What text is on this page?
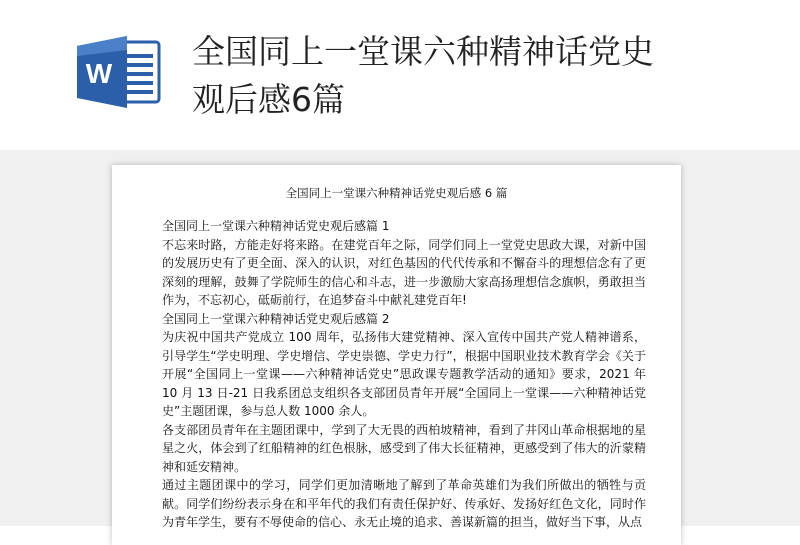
W
全国同上一堂课六种精神话党史
观后感6篇
全国同上一堂课六种精神话党史观后感 6 篇

全国同上一堂课六种精神话党史观后感篇 1

不忘来时路，方能走好将来路。在建党百年之际，同学们同上一堂党史思政大课，对新中国的发展历史有了更全面、深入的认识，对红色基因的代代传承和不懈奋斗的理想信念有了更深刻的理解，鼓舞了学院师生的信心和斗志，进一步激励大家高扬理想信念旗帜，勇敢担当作为，不忘初心，砥砺前行，在追梦奋斗中献礼建党百年!

全国同上一堂课六种精神话党史观后感篇 2

为庆祝中国共产党成立 100 周年，弘扬伟大建党精神、深入宣传中国共产党人精神谱系，引导学生“学史明理、学史增信、学史崇德、学史力行”，根据中国职业技术教育学会《关于开展“全国同上一堂课——六种精神话党史”思政课专题教学活动的通知》要求，2021 年 10 月 13 日-21 日我系团总支组织各支部团员青年开展“全国同上一堂课——六种精神话党史”主题团课，参与总人数 1000 余人。

各支部团员青年在主题团课中，学到了大无畏的西柏坡精神，看到了井冈山革命根据地的星星之火，体会到了红船精神的红色根脉，感受到了伟大长征精神，更感受到了伟大的沂蒙精神和延安精神。

通过主题团课中的学习，同学们更加清晰地了解到了革命英雄们为我们所做出的牺牲与贡献。同学们纷纷表示身在和平年代的我们有责任保护好、传承好、发扬好红色文化，同时作为青年学生，要有不辱使命的信心、永无止境的追求、善谋新篇的担当，做好当下事，从点
